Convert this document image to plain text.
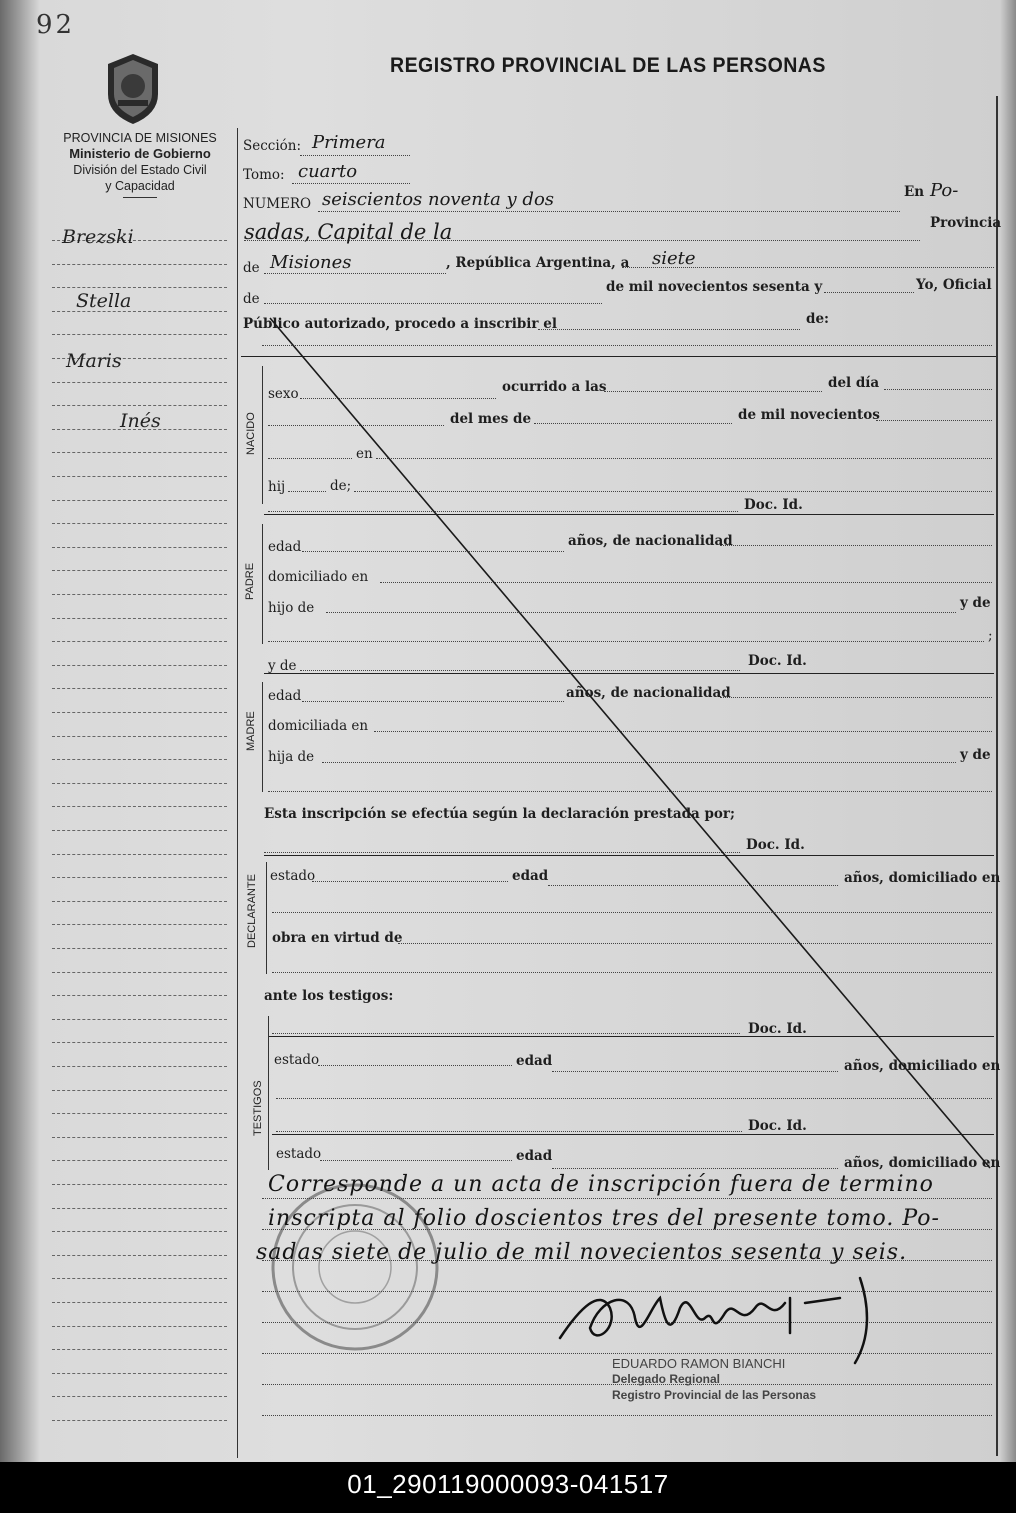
92
PROVINCIA DE MISIONES
Ministerio de Gobierno
División del Estado Civil
y Capacidad
REGISTRO PROVINCIAL DE LAS PERSONAS
Brezski
Stella
Maris
Inés
Sección: Primera
Tomo: cuarto
NUMERO seiscientos noventa y dos	En Po-
sadas, Capital de la	Provincia
de Misiones	, República Argentina, a siete
de
de mil novecientos sesenta y	Yo, Oficial
Público autorizado, procedo a inscribir el	de:
NACIDO
sexo	ocurrido a las	del día
del mes de	de mil novecientos
en
hij	de;
Doc. Id.
PADRE
edad	años, de nacionalidad
domiciliado en
hijo de	y de
;
y de	Doc. Id.
MADRE
edad	años, de nacionalidad
domiciliada en
hija de	y de
Esta inscripción se efectúa según la declaración prestada por;
Doc. Id.
DECLARANTE estado	edad	años, domiciliado en
obra en virtud de
ante los testigos:
Doc. Id.
TESTIGOS
estado	edad	años, domiciliado en
Doc. Id.
estado	edad	años, domiciliado en
Corresponde a un acta de inscripción fuera de termino
inscripta al folio doscientos tres del presente tomo. Po-
sadas siete de julio de mil novecientos sesenta y seis.
EDUARDO RAMON BIANCHI
Delegado Regional
Registro Provincial de las Personas
01_290119000093-041517
